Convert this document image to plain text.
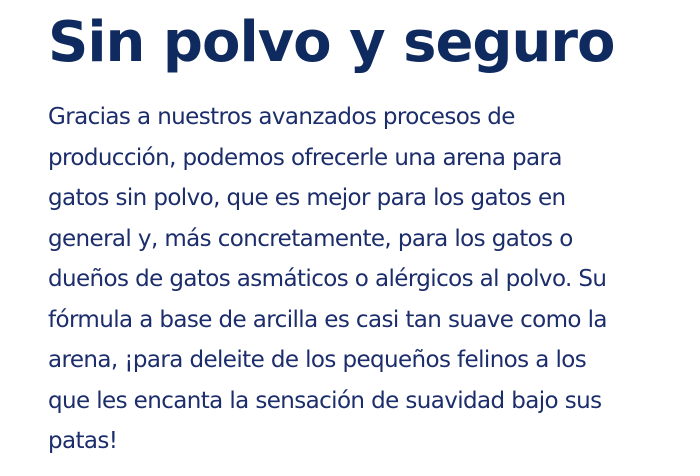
Sin polvo y seguro

Gracias a nuestros avanzados procesos de
producción, podemos ofrecerle una arena para
gatos sin polvo, que es mejor para los gatos en
general y, más concretamente, para los gatos o
dueños de gatos asmáticos o alérgicos al polvo. Su
fórmula a base de arcilla es casi tan suave como la
arena, ¡para deleite de los pequeños felinos a los
que les encanta la sensación de suavidad bajo sus
patas!
